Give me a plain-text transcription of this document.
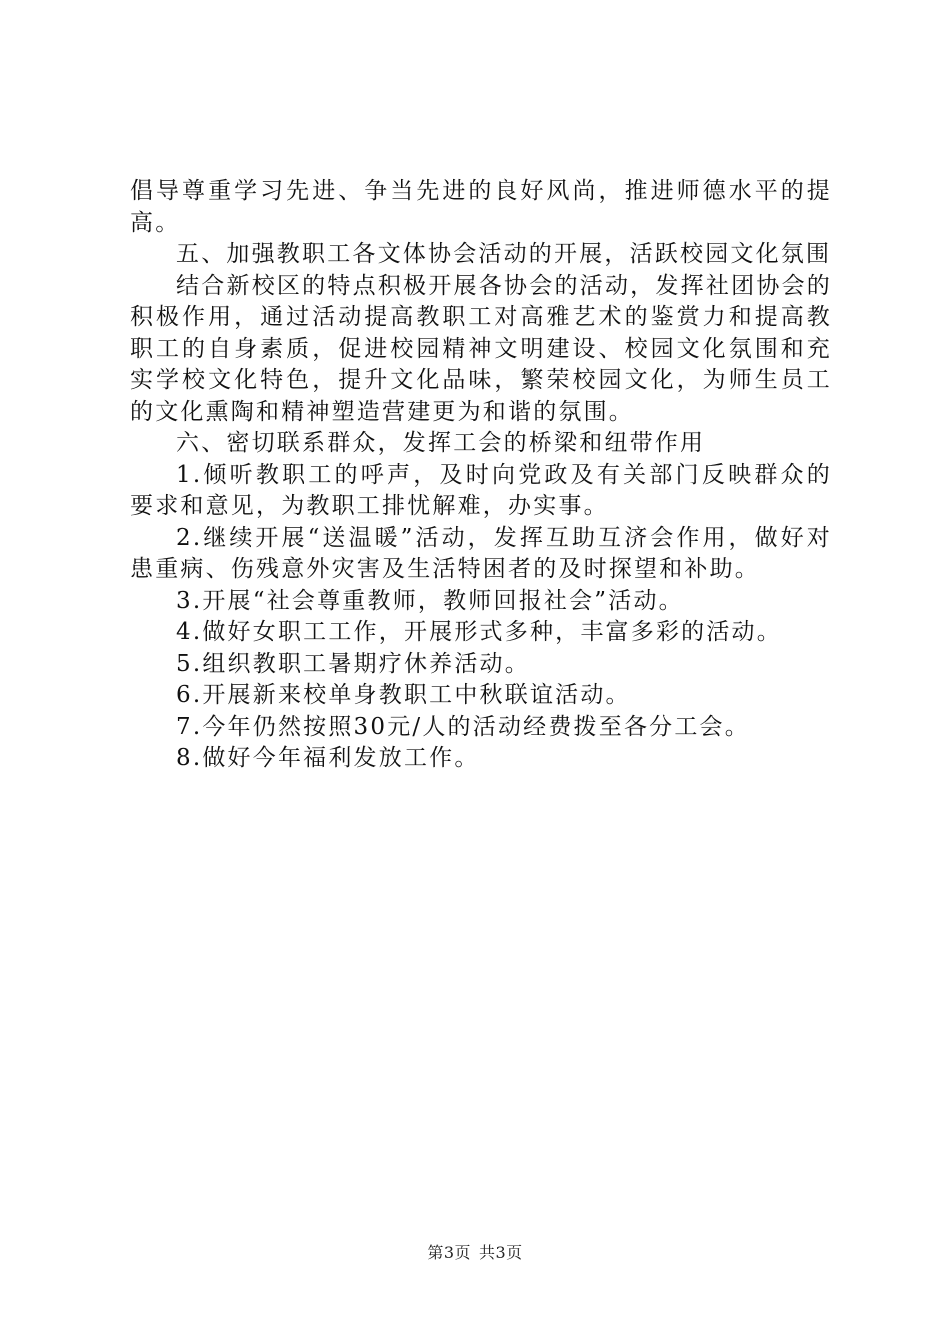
倡导尊重学习先进、争当先进的良好风尚，推进师德水平的提高。

五、加强教职工各文体协会活动的开展，活跃校园文化氛围

结合新校区的特点积极开展各协会的活动，发挥社团协会的积极作用，通过活动提高教职工对高雅艺术的鉴赏力和提高教职工的自身素质，促进校园精神文明建设、校园文化氛围和充实学校文化特色，提升文化品味，繁荣校园文化，为师生员工的文化熏陶和精神塑造营建更为和谐的氛围。

六、密切联系群众，发挥工会的桥梁和纽带作用

1.倾听教职工的呼声，及时向党政及有关部门反映群众的要求和意见，为教职工排忧解难，办实事。

2.继续开展“送温暖”活动，发挥互助互济会作用，做好对患重病、伤残意外灾害及生活特困者的及时探望和补助。

3.开展“社会尊重教师，教师回报社会”活动。

4.做好女职工工作，开展形式多种，丰富多彩的活动。

5.组织教职工暑期疗休养活动。

6.开展新来校单身教职工中秋联谊活动。

7.今年仍然按照30元/人的活动经费拨至各分工会。

8.做好今年福利发放工作。

第3页 共3页
